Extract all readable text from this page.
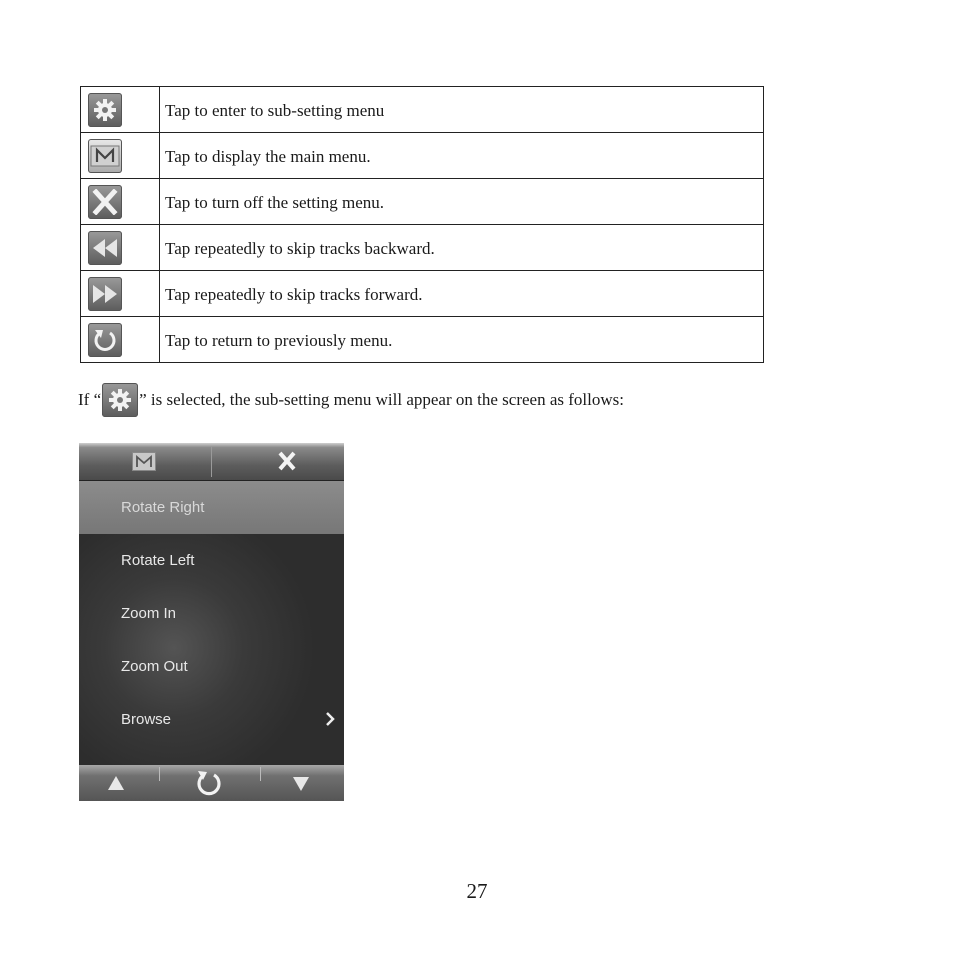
	Tap to enter to sub-setting menu

	Tap to display the main menu.

	Tap to turn off the setting menu.

	Tap repeatedly to skip tracks backward.

	Tap repeatedly to skip tracks forward.

	Tap to return to previously menu.
If “ ” is selected, the sub-setting menu will appear on the screen as follows:
Rotate Right
Rotate Left
Zoom In
Zoom Out
Browse
27
